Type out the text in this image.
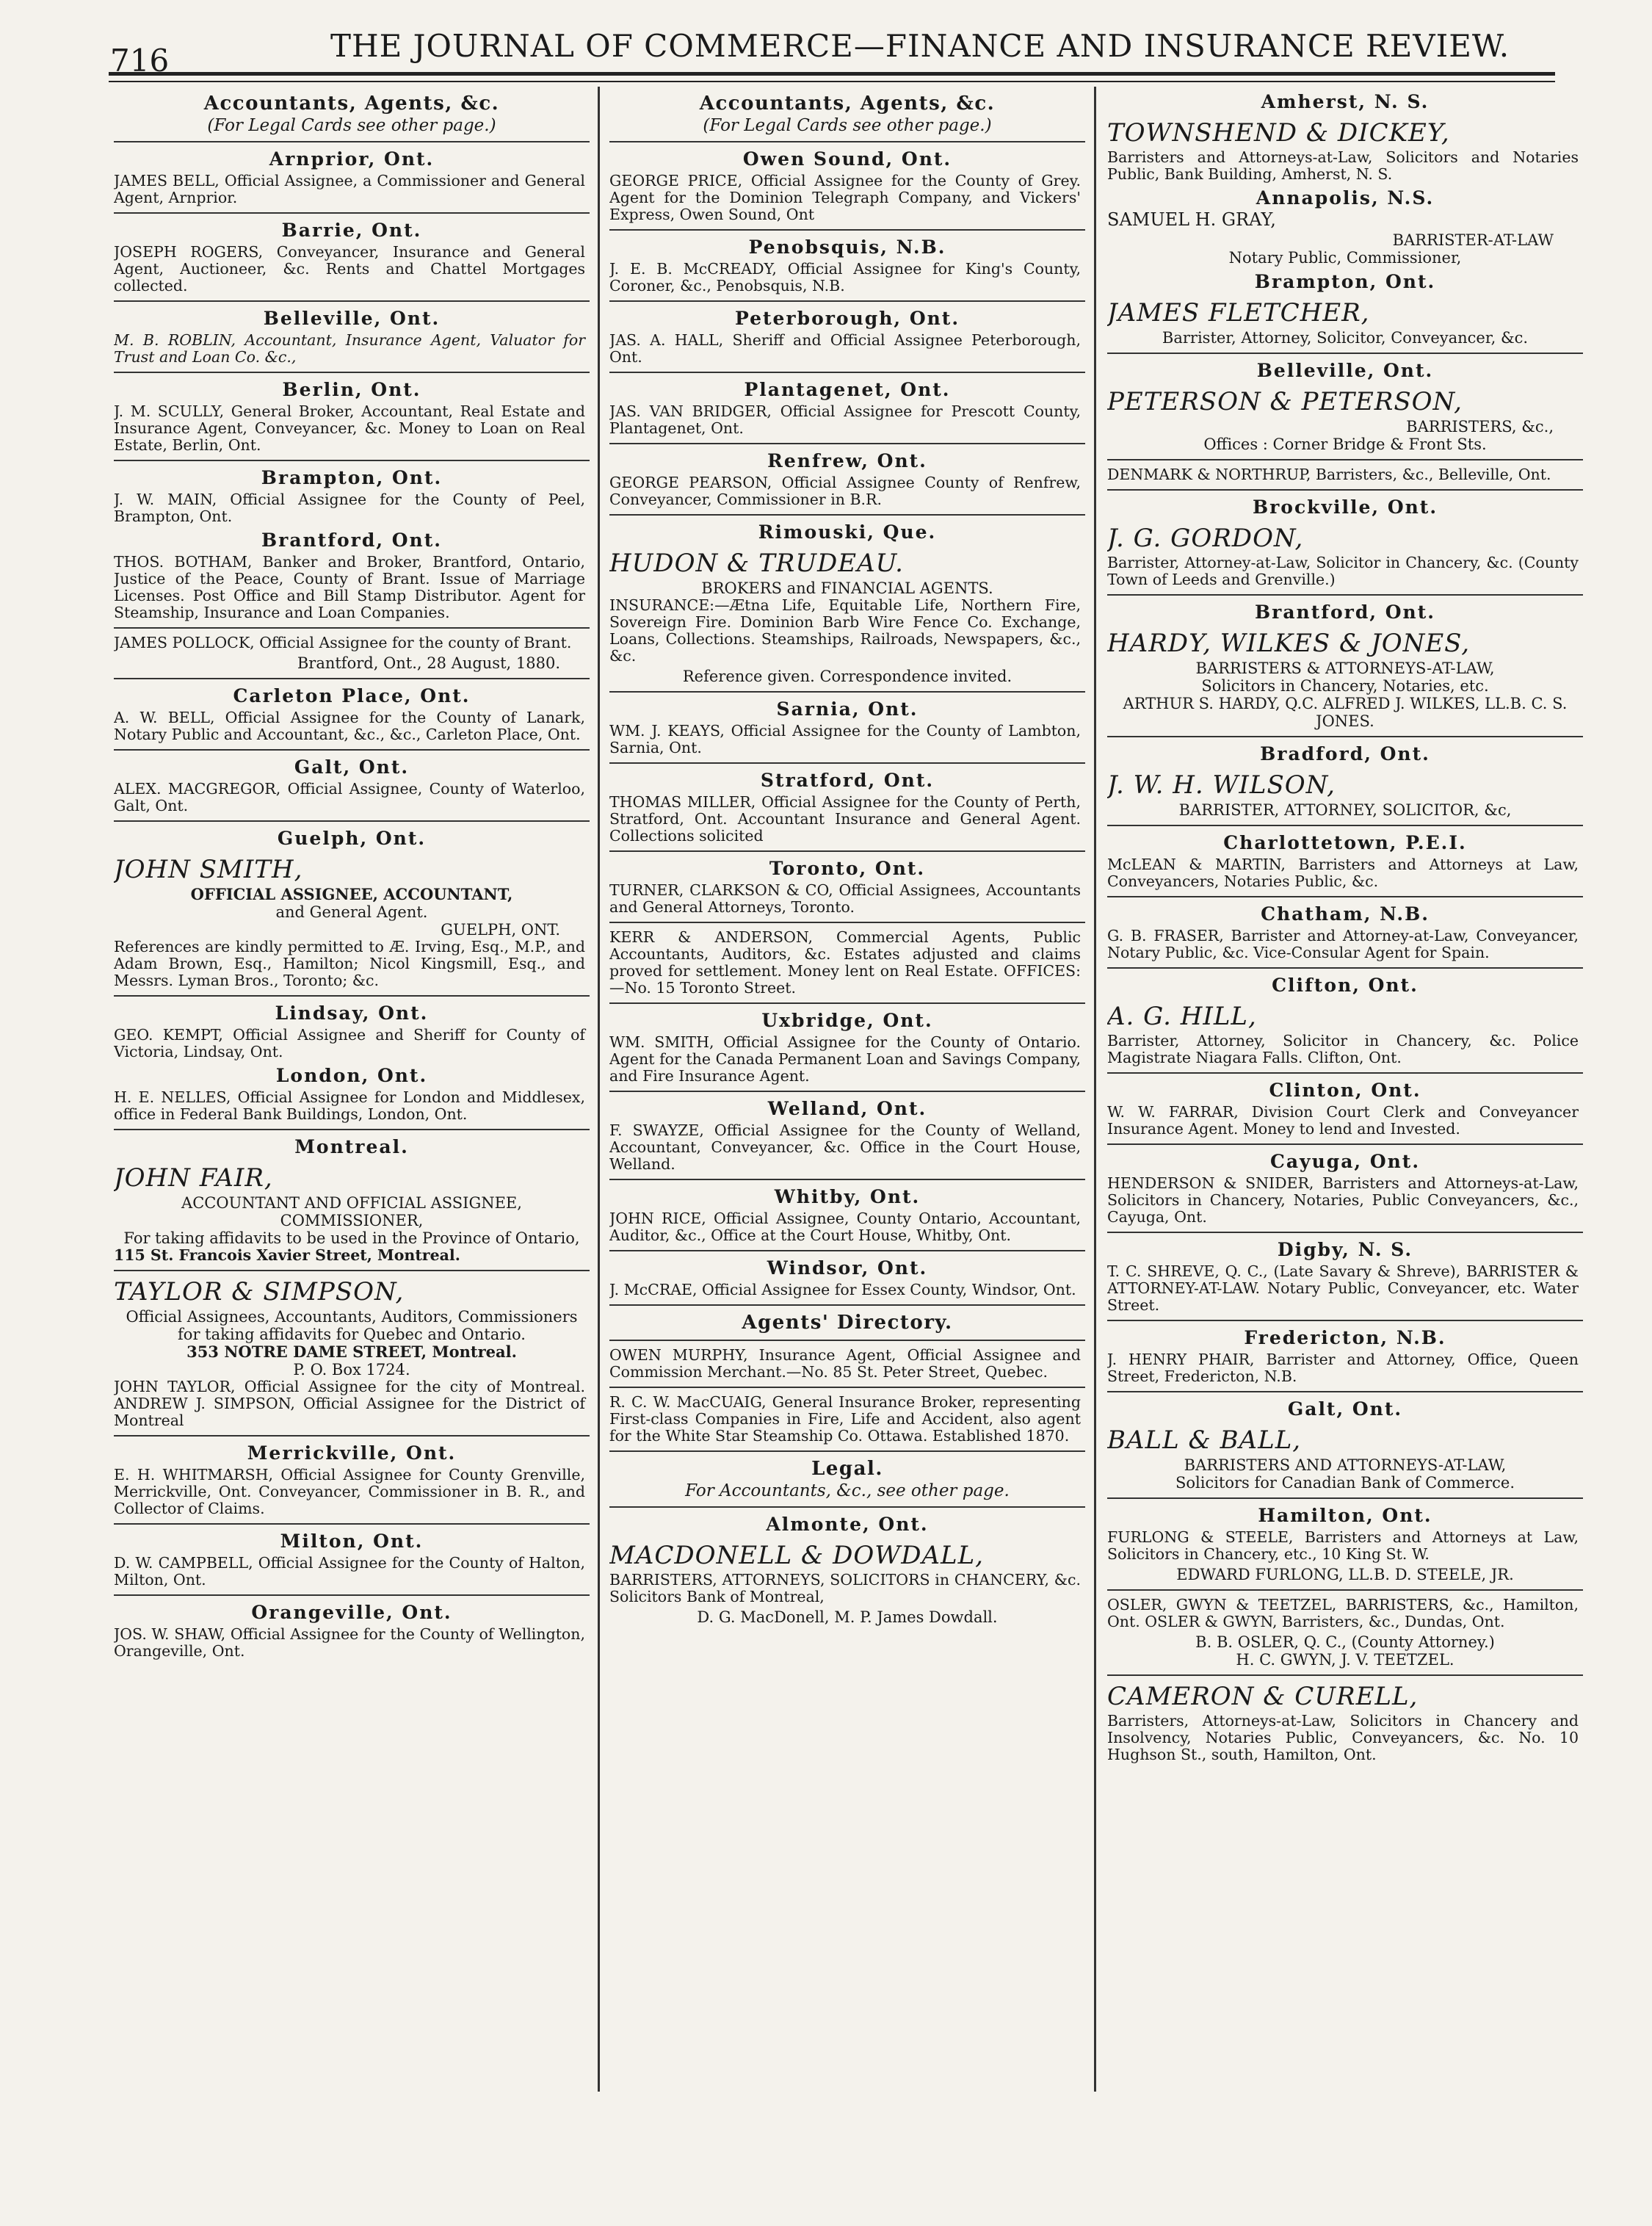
716	THE JOURNAL OF COMMERCE—FINANCE AND INSURANCE REVIEW.
Accountants, Agents, &c.
(For Legal Cards see other page.)
Arnprior, Ont.
JAMES BELL, Official Assignee, a Commissioner and General Agent, Arnprior.
Barrie, Ont.
JOSEPH ROGERS, Conveyancer, Insurance and General Agent, Auctioneer, &c. Rents and Chattel Mortgages collected.
Belleville, Ont.
M. B. ROBLIN, Accountant, Insurance Agent, Valuator for Trust and Loan Co. &c.,
Berlin, Ont.
J. M. SCULLY, General Broker, Accountant, Real Estate and Insurance Agent, Conveyancer, &c. Money to Loan on Real Estate, Berlin, Ont.
Brampton, Ont.
J. W. MAIN, Official Assignee for the County of Peel, Brampton, Ont.
Brantford, Ont.
THOS. BOTHAM, Banker and Broker, Brantford, Ontario, Justice of the Peace, County of Brant. Issue of Marriage Licenses. Post Office and Bill Stamp Distributor. Agent for Steamship, Insurance and Loan Companies.
JAMES POLLOCK, Official Assignee for the county of Brant.
Brantford, Ont., 28 August, 1880.
Carleton Place, Ont.
A. W. BELL, Official Assignee for the County of Lanark, Notary Public and Accountant, &c., &c., Carleton Place, Ont.
Galt, Ont.
ALEX. MACGREGOR, Official Assignee, County of Waterloo, Galt, Ont.
Guelph, Ont.
JOHN SMITH,
OFFICIAL ASSIGNEE, ACCOUNTANT,
and General Agent.
GUELPH, ONT.
References are kindly permitted to Æ. Irving, Esq., M.P., and Adam Brown, Esq., Hamilton; Nicol Kingsmill, Esq., and Messrs. Lyman Bros., Toronto; &c.
Lindsay, Ont.
GEO. KEMPT, Official Assignee and Sheriff for County of Victoria, Lindsay, Ont.
London, Ont.
H. E. NELLES, Official Assignee for London and Middlesex, office in Federal Bank Buildings, London, Ont.
Montreal.
JOHN FAIR,
ACCOUNTANT AND OFFICIAL ASSIGNEE,
COMMISSIONER,
For taking affidavits to be used in the Province of Ontario,
115 St. Francois Xavier Street, Montreal.
TAYLOR & SIMPSON,
Official Assignees, Accountants, Auditors, Commissioners for taking affidavits for Quebec and Ontario.
353 NOTRE DAME STREET, Montreal.
P. O. Box 1724.
JOHN TAYLOR, Official Assignee for the city of Montreal. ANDREW J. SIMPSON, Official Assignee for the District of Montreal
Merrickville, Ont.
E. H. WHITMARSH, Official Assignee for County Grenville, Merrickville, Ont. Conveyancer, Commissioner in B. R., and Collector of Claims.
Milton, Ont.
D. W. CAMPBELL, Official Assignee for the County of Halton, Milton, Ont.
Orangeville, Ont.
JOS. W. SHAW, Official Assignee for the County of Wellington, Orangeville, Ont.
Accountants, Agents, &c.
(For Legal Cards see other page.)
Owen Sound, Ont.
GEORGE PRICE, Official Assignee for the County of Grey. Agent for the Dominion Telegraph Company, and Vickers' Express, Owen Sound, Ont
Penobsquis, N.B.
J. E. B. McCREADY, Official Assignee for King's County, Coroner, &c., Penobsquis, N.B.
Peterborough, Ont.
JAS. A. HALL, Sheriff and Official Assignee Peterborough, Ont.
Plantagenet, Ont.
JAS. VAN BRIDGER, Official Assignee for Prescott County, Plantagenet, Ont.
Renfrew, Ont.
GEORGE PEARSON, Official Assignee County of Renfrew, Conveyancer, Commissioner in B.R.
Rimouski, Que.
HUDON & TRUDEAU.
BROKERS and FINANCIAL AGENTS.
INSURANCE:—Ætna Life, Equitable Life, Northern Fire, Sovereign Fire. Dominion Barb Wire Fence Co. Exchange, Loans, Collections. Steamships, Railroads, Newspapers, &c., &c.
Reference given. Correspondence invited.
Sarnia, Ont.
WM. J. KEAYS, Official Assignee for the County of Lambton, Sarnia, Ont.
Stratford, Ont.
THOMAS MILLER, Official Assignee for the County of Perth, Stratford, Ont. Accountant Insurance and General Agent. Collections solicited
Toronto, Ont.
TURNER, CLARKSON & CO, Official Assignees, Accountants and General Attorneys, Toronto.
KERR & ANDERSON, Commercial Agents, Public Accountants, Auditors, &c. Estates adjusted and claims proved for settlement. Money lent on Real Estate. OFFICES:—No. 15 Toronto Street.
Uxbridge, Ont.
WM. SMITH, Official Assignee for the County of Ontario. Agent for the Canada Permanent Loan and Savings Company, and Fire Insurance Agent.
Welland, Ont.
F. SWAYZE, Official Assignee for the County of Welland, Accountant, Conveyancer, &c. Office in the Court House, Welland.
Whitby, Ont.
JOHN RICE, Official Assignee, County Ontario, Accountant, Auditor, &c., Office at the Court House, Whitby, Ont.
Windsor, Ont.
J. McCRAE, Official Assignee for Essex County, Windsor, Ont.
Agents' Directory.
OWEN MURPHY, Insurance Agent, Official Assignee and Commission Merchant.—No. 85 St. Peter Street, Quebec.
R. C. W. MacCUAIG, General Insurance Broker, representing First-class Companies in Fire, Life and Accident, also agent for the White Star Steamship Co. Ottawa. Established 1870.
Legal.
For Accountants, &c., see other page.
Almonte, Ont.
MACDONELL & DOWDALL,
BARRISTERS, ATTORNEYS, SOLICITORS in CHANCERY, &c. Solicitors Bank of Montreal,
D. G. MacDonell, M. P. James Dowdall.
Amherst, N. S.
TOWNSHEND & DICKEY,
Barristers and Attorneys-at-Law, Solicitors and Notaries Public, Bank Building, Amherst, N. S.
Annapolis, N.S.
SAMUEL H. GRAY,
BARRISTER-AT-LAW
Notary Public, Commissioner,
Brampton, Ont.
JAMES FLETCHER,
Barrister, Attorney, Solicitor, Conveyancer, &c.
Belleville, Ont.
PETERSON & PETERSON,
BARRISTERS, &c.,
Offices : Corner Bridge & Front Sts.
DENMARK & NORTHRUP, Barristers, &c., Belleville, Ont.
Brockville, Ont.
J. G. GORDON,
Barrister, Attorney-at-Law, Solicitor in Chancery, &c. (County Town of Leeds and Grenville.)
Brantford, Ont.
HARDY, WILKES & JONES,
BARRISTERS & ATTORNEYS-AT-LAW,
Solicitors in Chancery, Notaries, etc.
ARTHUR S. HARDY, Q.C. ALFRED J. WILKES, LL.B. C. S. JONES.
Bradford, Ont.
J. W. H. WILSON,
BARRISTER, ATTORNEY, SOLICITOR, &c,
Charlottetown, P.E.I.
McLEAN & MARTIN, Barristers and Attorneys at Law, Conveyancers, Notaries Public, &c.
Chatham, N.B.
G. B. FRASER, Barrister and Attorney-at-Law, Conveyancer, Notary Public, &c. Vice-Consular Agent for Spain.
Clifton, Ont.
A. G. HILL,
Barrister, Attorney, Solicitor in Chancery, &c. Police Magistrate Niagara Falls. Clifton, Ont.
Clinton, Ont.
W. W. FARRAR, Division Court Clerk and Conveyancer Insurance Agent. Money to lend and Invested.
Cayuga, Ont.
HENDERSON & SNIDER, Barristers and Attorneys-at-Law, Solicitors in Chancery, Notaries, Public Conveyancers, &c., Cayuga, Ont.
Digby, N. S.
T. C. SHREVE, Q. C., (Late Savary & Shreve), BARRISTER & ATTORNEY-AT-LAW. Notary Public, Conveyancer, etc. Water Street.
Fredericton, N.B.
J. HENRY PHAIR, Barrister and Attorney, Office, Queen Street, Fredericton, N.B.
Galt, Ont.
BALL & BALL,
BARRISTERS AND ATTORNEYS-AT-LAW,
Solicitors for Canadian Bank of Commerce.
Hamilton, Ont.
FURLONG & STEELE, Barristers and Attorneys at Law, Solicitors in Chancery, etc., 10 King St. W.
EDWARD FURLONG, LL.B. D. STEELE, JR.
OSLER, GWYN & TEETZEL, BARRISTERS, &c., Hamilton, Ont. OSLER & GWYN, Barristers, &c., Dundas, Ont.
B. B. OSLER, Q. C., (County Attorney.)
H. C. GWYN, J. V. TEETZEL.
CAMERON & CURELL,
Barristers, Attorneys-at-Law, Solicitors in Chancery and Insolvency, Notaries Public, Conveyancers, &c. No. 10 Hughson St., south, Hamilton, Ont.
